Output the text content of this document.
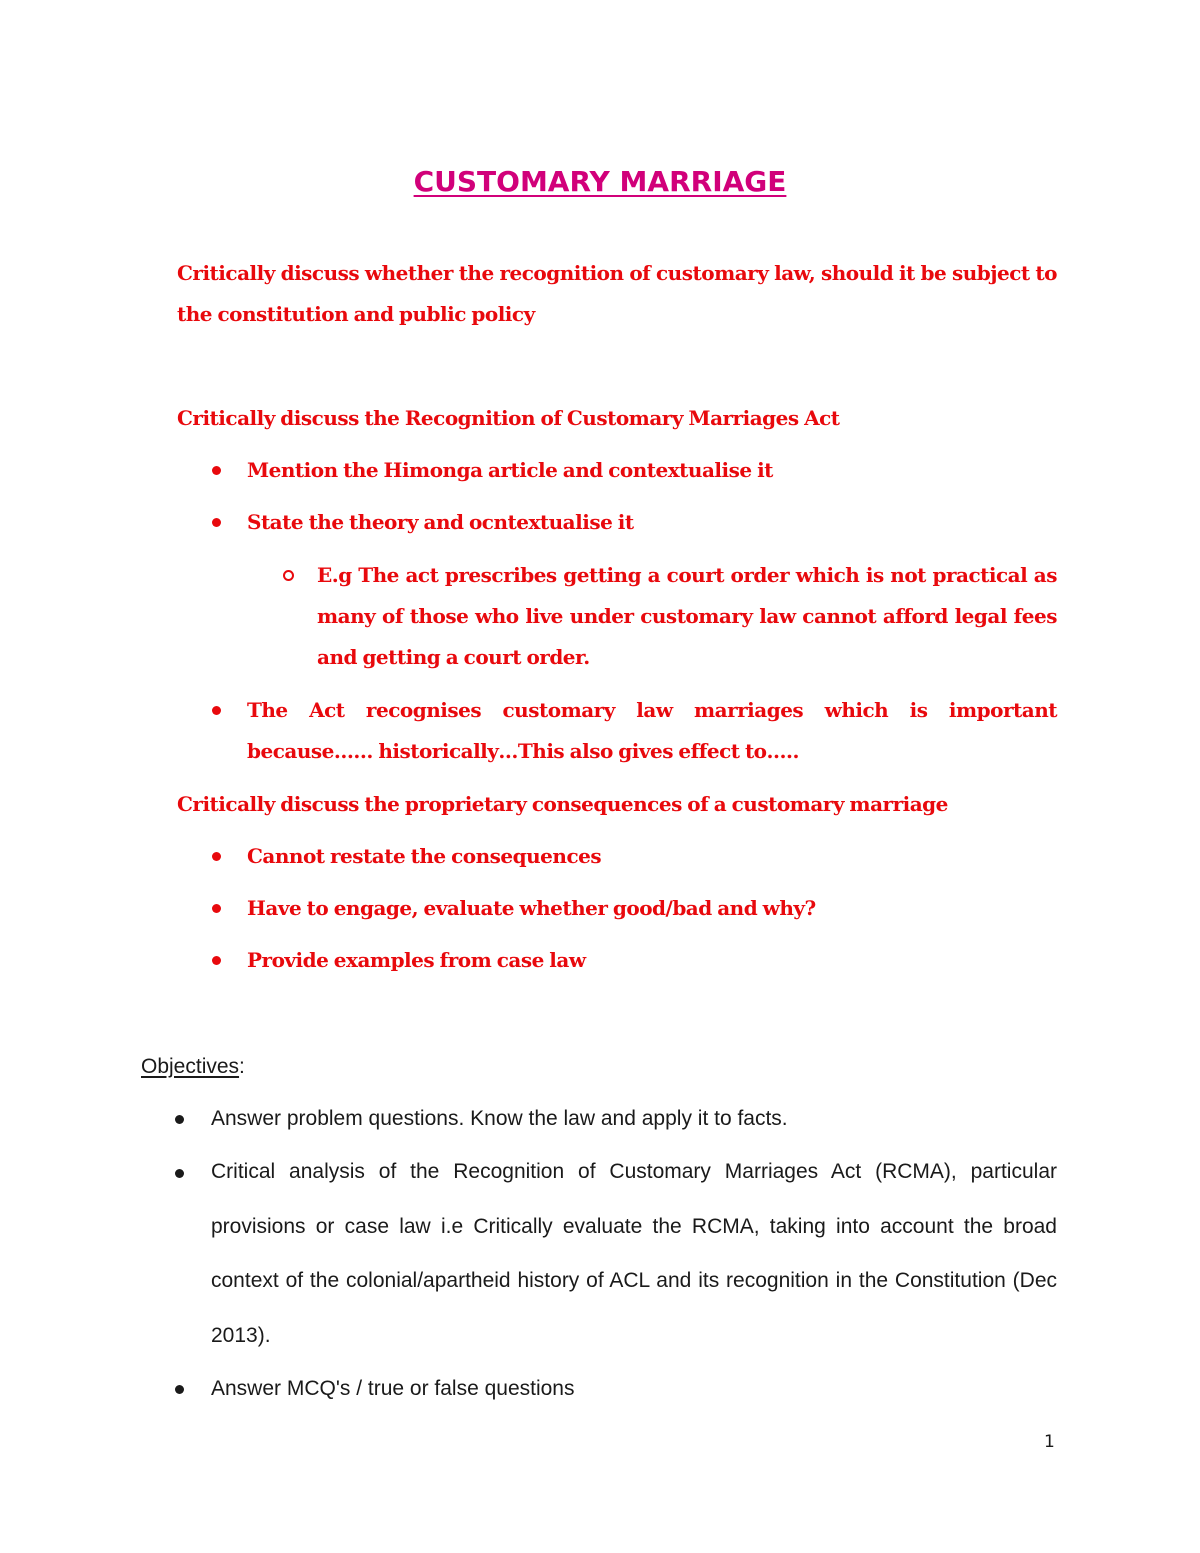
CUSTOMARY MARRIAGE

Critically discuss whether the recognition of customary law, should it be subject to the constitution and public policy

Critically discuss the Recognition of Customary Marriages Act

Mention the Himonga article and contextualise it

State the theory and ocntextualise it

E.g The act prescribes getting a court order which is not practical as many of those who live under customary law cannot afford legal fees and getting a court order.

The Act recognises customary law marriages which is important because…… historically…This also gives effect to…..

Critically discuss the proprietary consequences of a customary marriage

Cannot restate the consequences

Have to engage, evaluate whether good/bad and why?

Provide examples from case law

Objectives:

Answer problem questions. Know the law and apply it to facts.

Critical analysis of the Recognition of Customary Marriages Act (RCMA), particular provisions or case law i.e Critically evaluate the RCMA, taking into account the broad context of the colonial/apartheid history of ACL and its recognition in the Constitution (Dec 2013).

Answer MCQ's / true or false questions

1
